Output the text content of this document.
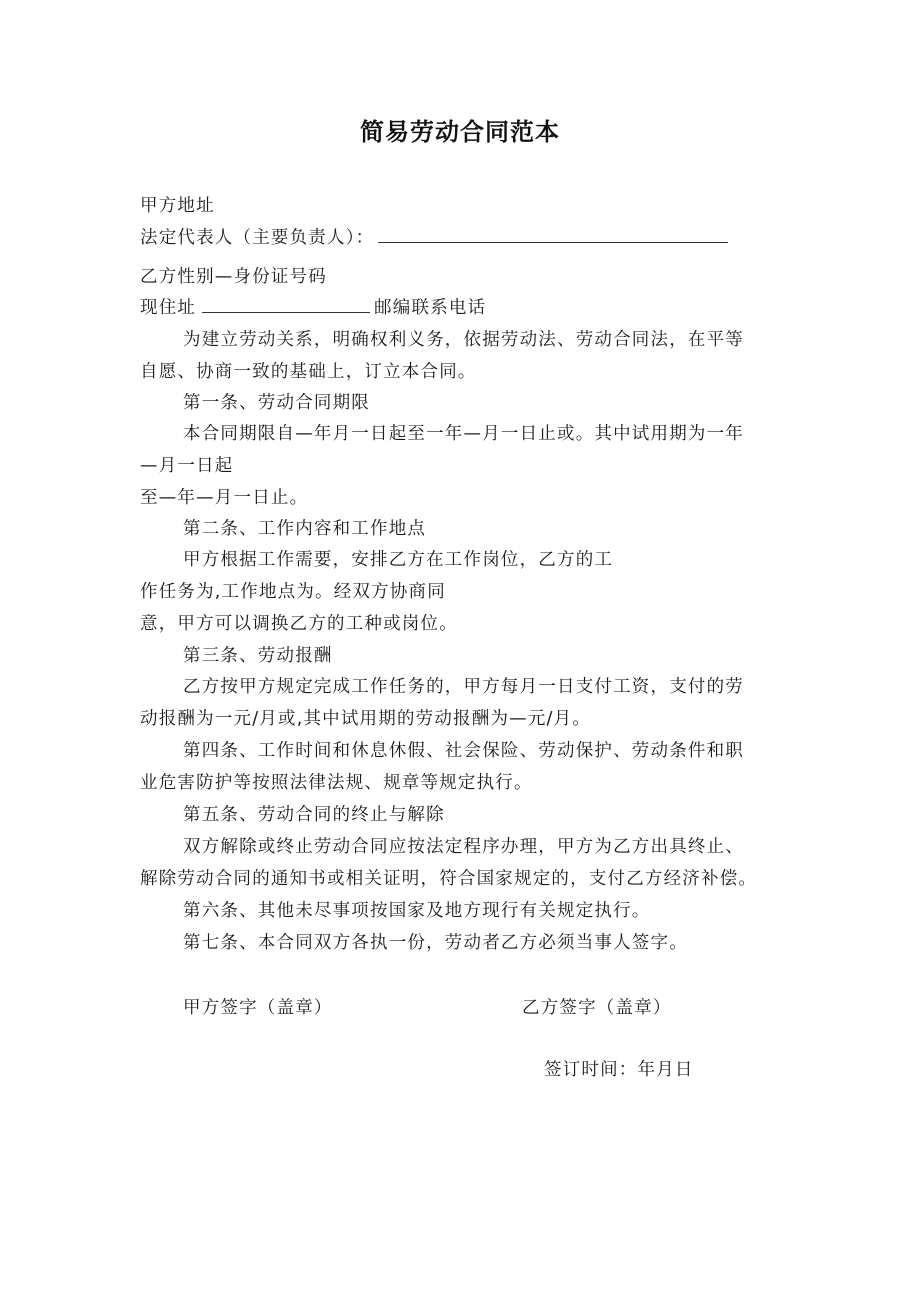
简易劳动合同范本
甲方地址
法定代表人（主要负责人）：
乙方性别—身份证号码
现住址	邮编联系电话
为建立劳动关系，明确权利义务，依据劳动法、劳动合同法，在平等
自愿、协商一致的基础上，订立本合同。
第一条、劳动合同期限
本合同期限自—年月一日起至一年—月一日止或。其中试用期为一年
—月一日起
至—年—月一日止。
第二条、工作内容和工作地点
甲方根据工作需要，安排乙方在工作岗位，乙方的工
作任务为,工作地点为。经双方协商同
意，甲方可以调换乙方的工种或岗位。
第三条、劳动报酬
乙方按甲方规定完成工作任务的，甲方每月一日支付工资，支付的劳
动报酬为一元/月或,其中试用期的劳动报酬为—元/月。
第四条、工作时间和休息休假、社会保险、劳动保护、劳动条件和职
业危害防护等按照法律法规、规章等规定执行。
第五条、劳动合同的终止与解除
双方解除或终止劳动合同应按法定程序办理，甲方为乙方出具终止、
解除劳动合同的通知书或相关证明，符合国家规定的，支付乙方经济补偿。
第六条、其他未尽事项按国家及地方现行有关规定执行。
第七条、本合同双方各执一份，劳动者乙方必须当事人签字。
甲方签字（盖章）	乙方签字（盖章）
签订时间：年月日
